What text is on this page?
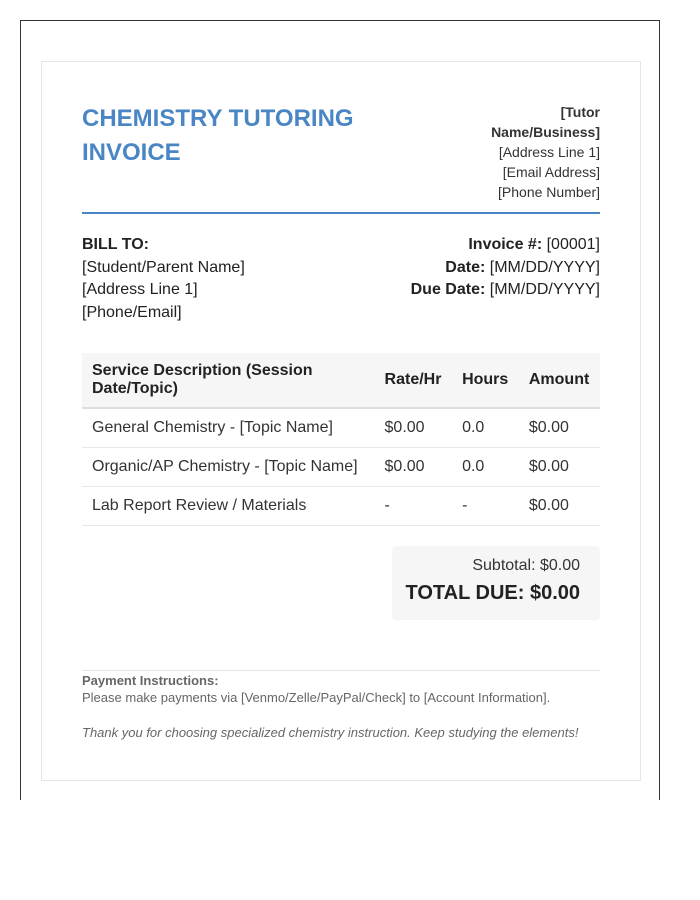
CHEMISTRY TUTORING INVOICE
[Tutor Name/Business]
[Address Line 1]
[Email Address]
[Phone Number]
BILL TO:
[Student/Parent Name]
[Address Line 1]
[Phone/Email]
Invoice #: [00001]
Date: [MM/DD/YYYY]
Due Date: [MM/DD/YYYY]
Service Description (Session Date/Topic)	Rate/Hr	Hours	Amount
General Chemistry - [Topic Name]	$0.00	0.0	$0.00
Organic/AP Chemistry - [Topic Name]	$0.00	0.0	$0.00
Lab Report Review / Materials	-	-	$0.00
Subtotal: $0.00
TOTAL DUE: $0.00
Payment Instructions:
Please make payments via [Venmo/Zelle/PayPal/Check] to [Account Information].
Thank you for choosing specialized chemistry instruction. Keep studying the elements!
